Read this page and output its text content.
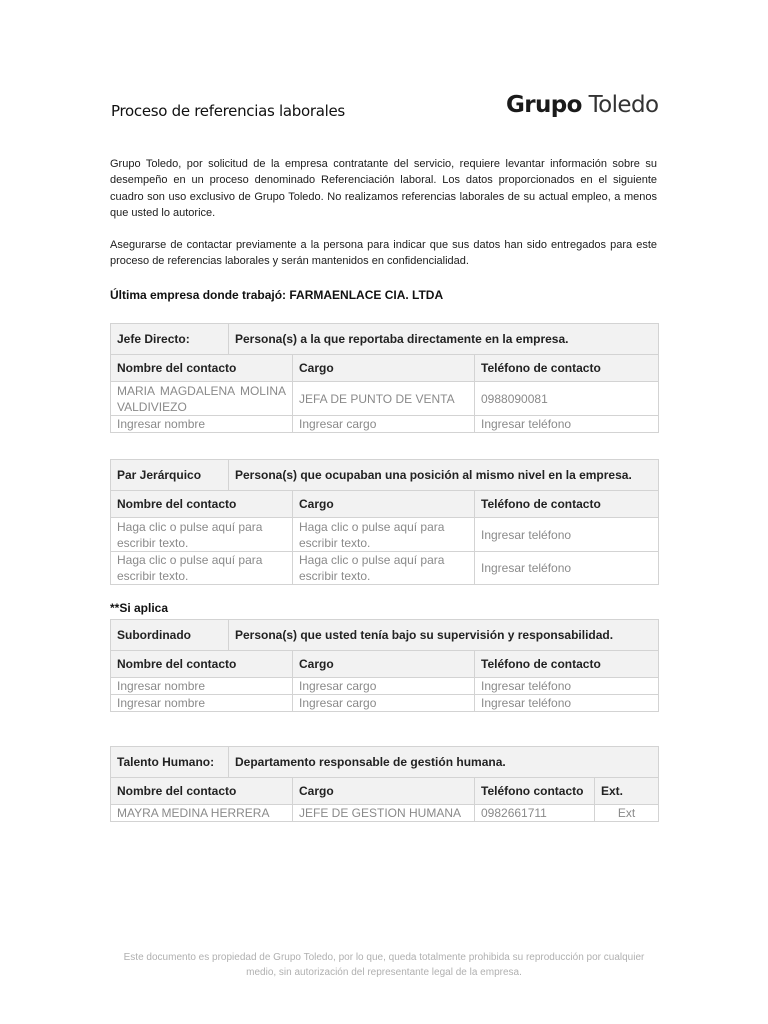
Proceso de referencias laborales	Grupo Toledo

Grupo Toledo, por solicitud de la empresa contratante del servicio, requiere levantar información sobre su desempeño en un proceso denominado Referenciación laboral. Los datos proporcionados en el siguiente cuadro son uso exclusivo de Grupo Toledo. No realizamos referencias laborales de su actual empleo, a menos que usted lo autorice.

Asegurarse de contactar previamente a la persona para indicar que sus datos han sido entregados para este proceso de referencias laborales y serán mantenidos en confidencialidad.

Última empresa donde trabajó: FARMAENLACE CIA. LTDA
Jefe Directo:	Persona(s) a la que reportaba directamente en la empresa.		
Nombre del contacto		Cargo	Teléfono de contacto
MARIA MAGDALENA MOLINA VALDIVIEZO		JEFA DE PUNTO DE VENTA	0988090081
Ingresar nombre		Ingresar cargo	Ingresar teléfono
Par Jerárquico	Persona(s) que ocupaban una posición al mismo nivel en la empresa.		
Nombre del contacto		Cargo	Teléfono de contacto
Haga clic o pulse aquí para escribir texto.		Haga clic o pulse aquí para escribir texto.	Ingresar teléfono
Haga clic o pulse aquí para escribir texto.		Haga clic o pulse aquí para escribir texto.	Ingresar teléfono
**Si aplica
Subordinado	Persona(s) que usted tenía bajo su supervisión y responsabilidad.		
Nombre del contacto		Cargo	Teléfono de contacto
Ingresar nombre		Ingresar cargo	Ingresar teléfono
Ingresar nombre		Ingresar cargo	Ingresar teléfono
Talento Humano:	Departamento responsable de gestión humana.			
Nombre del contacto		Cargo	Teléfono contacto	Ext.
MAYRA MEDINA HERRERA		JEFE DE GESTION HUMANA	0982661711	Ext

Este documento es propiedad de Grupo Toledo, por lo que, queda totalmente prohibida su reproducción por cualquier medio, sin autorización del representante legal de la empresa.
